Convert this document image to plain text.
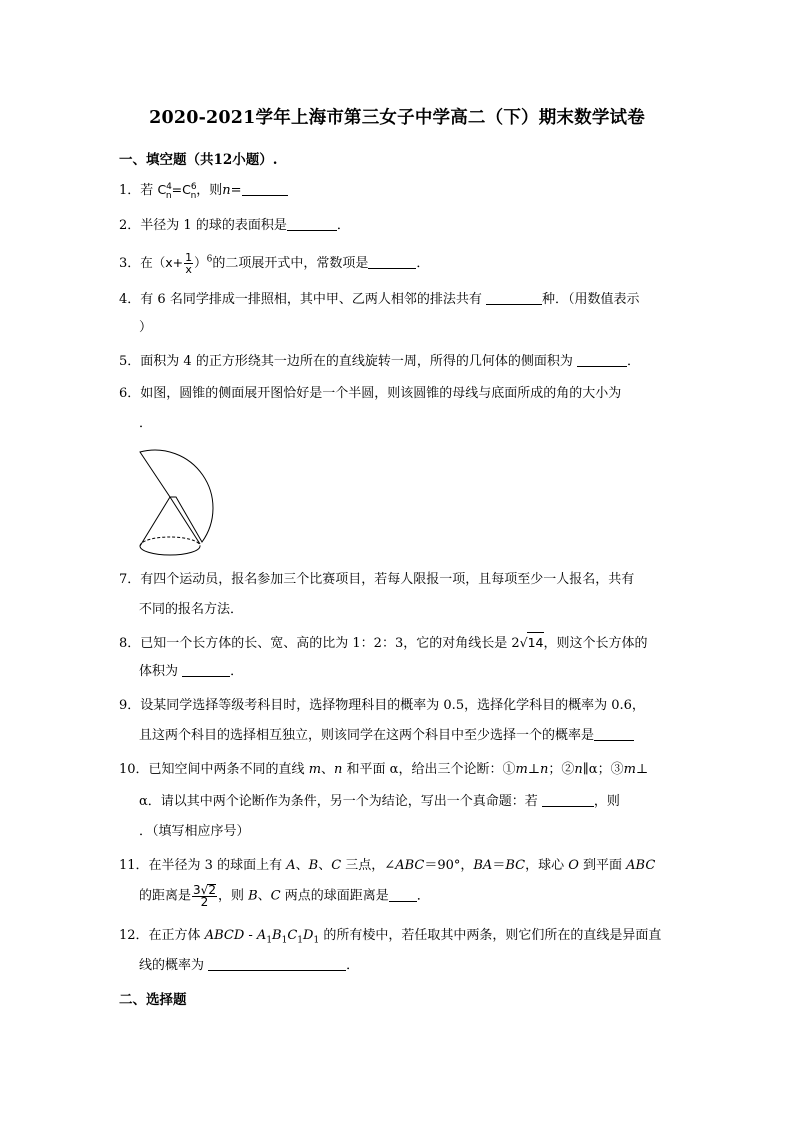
2020-2021学年上海市第三女子中学高二（下）期末数学试卷
一、填空题（共12小题）.
1．若 $C^4_n=C^6_n$，则n=
2．半径为 1 的球的表面积是	．
3．在$(x+ \frac{1}{x} )^6$的二项展开式中，常数项是	．
4．有 6 名同学排成一排照相，其中甲、乙两人相邻的排法共有	种．（用数值表示
）
5．面积为 4 的正方形绕其一边所在的直线旋转一周，所得的几何体的侧面积为	．
6．如图，圆锥的侧面展开图恰好是一个半圆，则该圆锥的母线与底面所成的角的大小为
．
7．有四个运动员，报名参加三个比赛项目，若每人限报一项，且每项至少一人报名，共有
不同的报名方法．
8．已知一个长方体的长、宽、高的比为 1：2：3，它的对角线长是 2√14，则这个长方体的
体积为	．
9．设某同学选择等级考科目时，选择物理科目的概率为 0.5，选择化学科目的概率为 0.6，
且这两个科目的选择相互独立，则该同学在这两个科目中至少选择一个的概率是
10．已知空间中两条不同的直线 m、n 和平面 α，给出三个论断：①m⊥n；②n∥α；③m⊥
α．请以其中两个论断作为条件，另一个为结论，写出一个真命题：若	，则
．（填写相应序号）
11．在半径为 3 的球面上有 A、B、C 三点，∠ABC＝90°，BA＝BC，球心 O 到平面 ABC
的距离是 $\frac{3√2}{2}$ ，则 B、C 两点的球面距离是 ．
12．在正方体 ABCD - $A_1B_1C_1D_1$ 的所有棱中，若任取其中两条，则它们所在的直线是异面直
线的概率为	．
二、选择题
